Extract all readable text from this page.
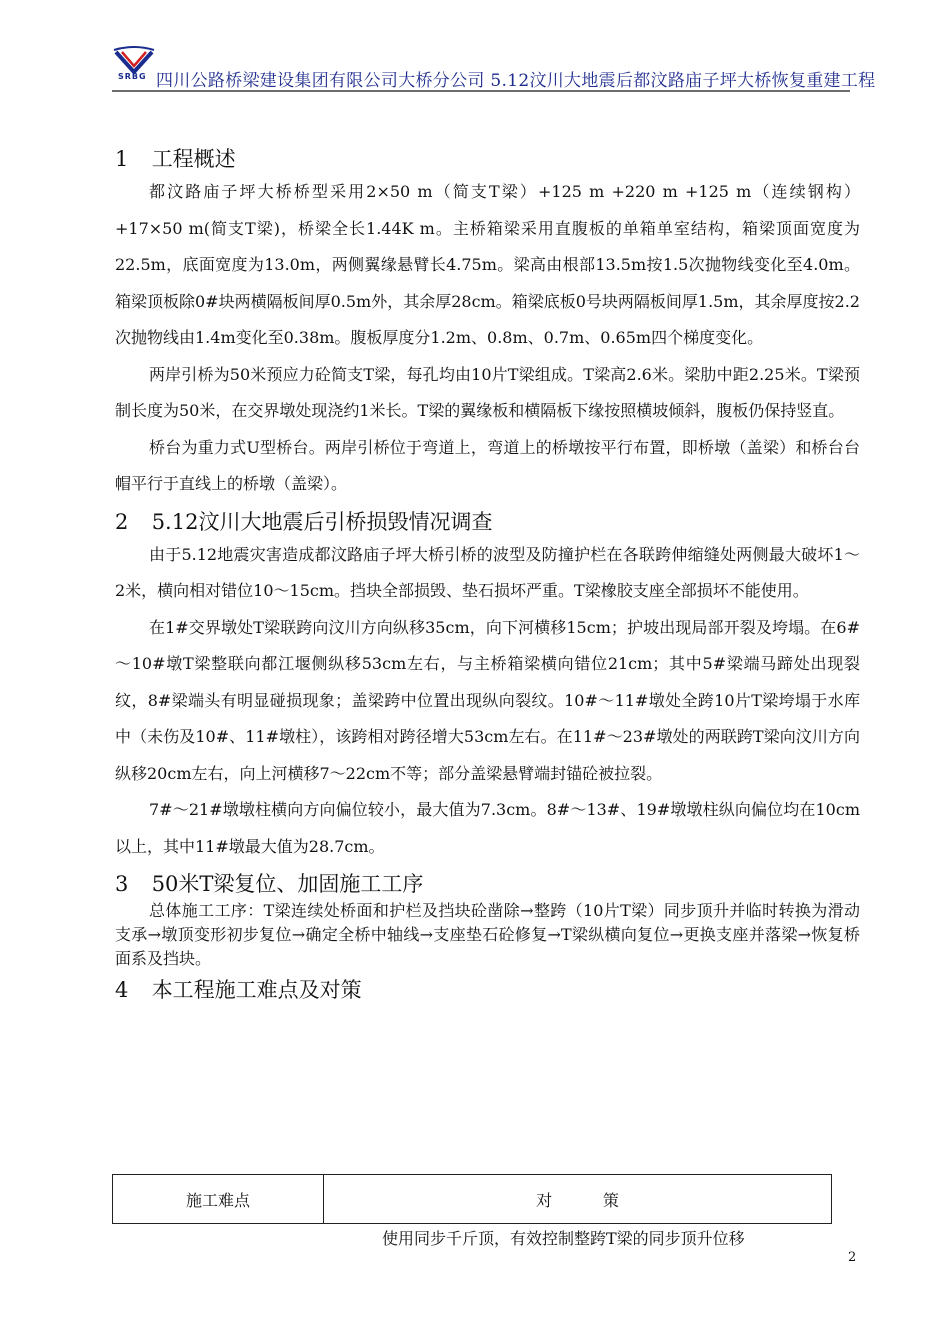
SRBG 四川公路桥梁建设集团有限公司大桥分公司 5.12汶川大地震后都汶路庙子坪大桥恢复重建工程
1 工程概述

都汶路庙子坪大桥桥型采用2×50 m（简支T梁）+125 m +220 m +125 m（连续钢构）+17×50 m(简支T梁)，桥梁全长1.44K m。主桥箱梁采用直腹板的单箱单室结构，箱梁顶面宽度为22.5m，底面宽度为13.0m，两侧翼缘悬臂长4.75m。梁高由根部13.5m按1.5次抛物线变化至4.0m。箱梁顶板除0#块两横隔板间厚0.5m外，其余厚28cm。箱梁底板0号块两隔板间厚1.5m，其余厚度按2.2次抛物线由1.4m变化至0.38m。腹板厚度分1.2m、0.8m、0.7m、0.65m四个梯度变化。

两岸引桥为50米预应力砼简支T梁，每孔均由10片T梁组成。T梁高2.6米。梁肋中距2.25米。T梁预制长度为50米，在交界墩处现浇约1米长。T梁的翼缘板和横隔板下缘按照横坡倾斜，腹板仍保持竖直。

桥台为重力式U型桥台。两岸引桥位于弯道上，弯道上的桥墩按平行布置，即桥墩（盖梁）和桥台台帽平行于直线上的桥墩（盖梁）。

2 5.12汶川大地震后引桥损毁情况调查

由于5.12地震灾害造成都汶路庙子坪大桥引桥的波型及防撞护栏在各联跨伸缩缝处两侧最大破坏1～2米，横向相对错位10～15cm。挡块全部损毁、垫石损坏严重。T梁橡胶支座全部损坏不能使用。

在1#交界墩处T梁联跨向汶川方向纵移35cm，向下河横移15cm；护坡出现局部开裂及垮塌。在6#～10#墩T梁整联向都江堰侧纵移53cm左右，与主桥箱梁横向错位21cm；其中5#梁端马蹄处出现裂纹，8#梁端头有明显碰损现象；盖梁跨中位置出现纵向裂纹。10#～11#墩处全跨10片T梁垮塌于水库中（未伤及10#、11#墩柱），该跨相对跨径增大53cm左右。在11#～23#墩处的两联跨T梁向汶川方向纵移20cm左右，向上河横移7～22cm不等；部分盖梁悬臂端封锚砼被拉裂。

7#～21#墩墩柱横向方向偏位较小，最大值为7.3cm。8#～13#、19#墩墩柱纵向偏位均在10cm以上，其中11#墩最大值为28.7cm。

3 50米T梁复位、加固施工工序

总体施工工序：T梁连续处桥面和护栏及挡块砼凿除→整跨（10片T梁）同步顶升并临时转换为滑动支承→墩顶变形初步复位→确定全桥中轴线→支座垫石砼修复→T梁纵横向复位→更换支座并落梁→恢复桥面系及挡块。

4 本工程施工难点及对策
施工难点	对          策
使用同步千斤顶，有效控制整跨T梁的同步顶升位移
2
